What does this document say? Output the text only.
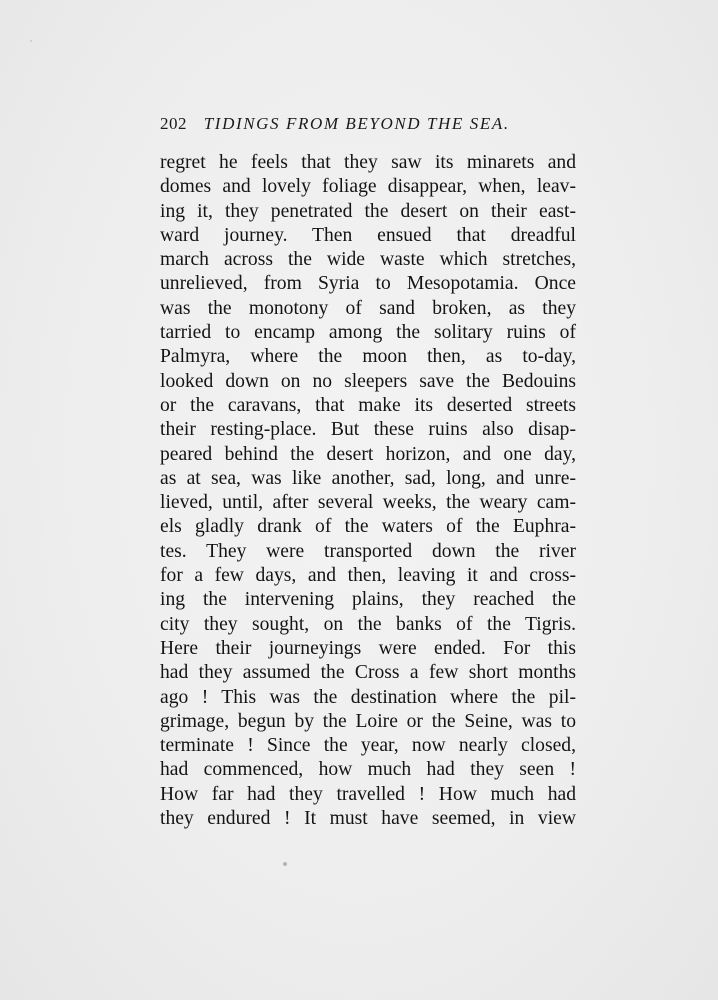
202 TIDINGS FROM BEYOND THE SEA.
regret he feels that they saw its minarets and
domes and lovely foliage disappear, when, leav-
ing it, they penetrated the desert on their east-
ward journey. Then ensued that dreadful
march across the wide waste which stretches,
unrelieved, from Syria to Mesopotamia. Once
was the monotony of sand broken, as they
tarried to encamp among the solitary ruins of
Palmyra, where the moon then, as to-day,
looked down on no sleepers save the Bedouins
or the caravans, that make its deserted streets
their resting-place. But these ruins also disap-
peared behind the desert horizon, and one day,
as at sea, was like another, sad, long, and unre-
lieved, until, after several weeks, the weary cam-
els gladly drank of the waters of the Euphra-
tes. They were transported down the river
for a few days, and then, leaving it and cross-
ing the intervening plains, they reached the
city they sought, on the banks of the Tigris.
Here their journeyings were ended. For this
had they assumed the Cross a few short months
ago ! This was the destination where the pil-
grimage, begun by the Loire or the Seine, was to
terminate ! Since the year, now nearly closed,
had commenced, how much had they seen !
How far had they travelled ! How much had
they endured ! It must have seemed, in view
